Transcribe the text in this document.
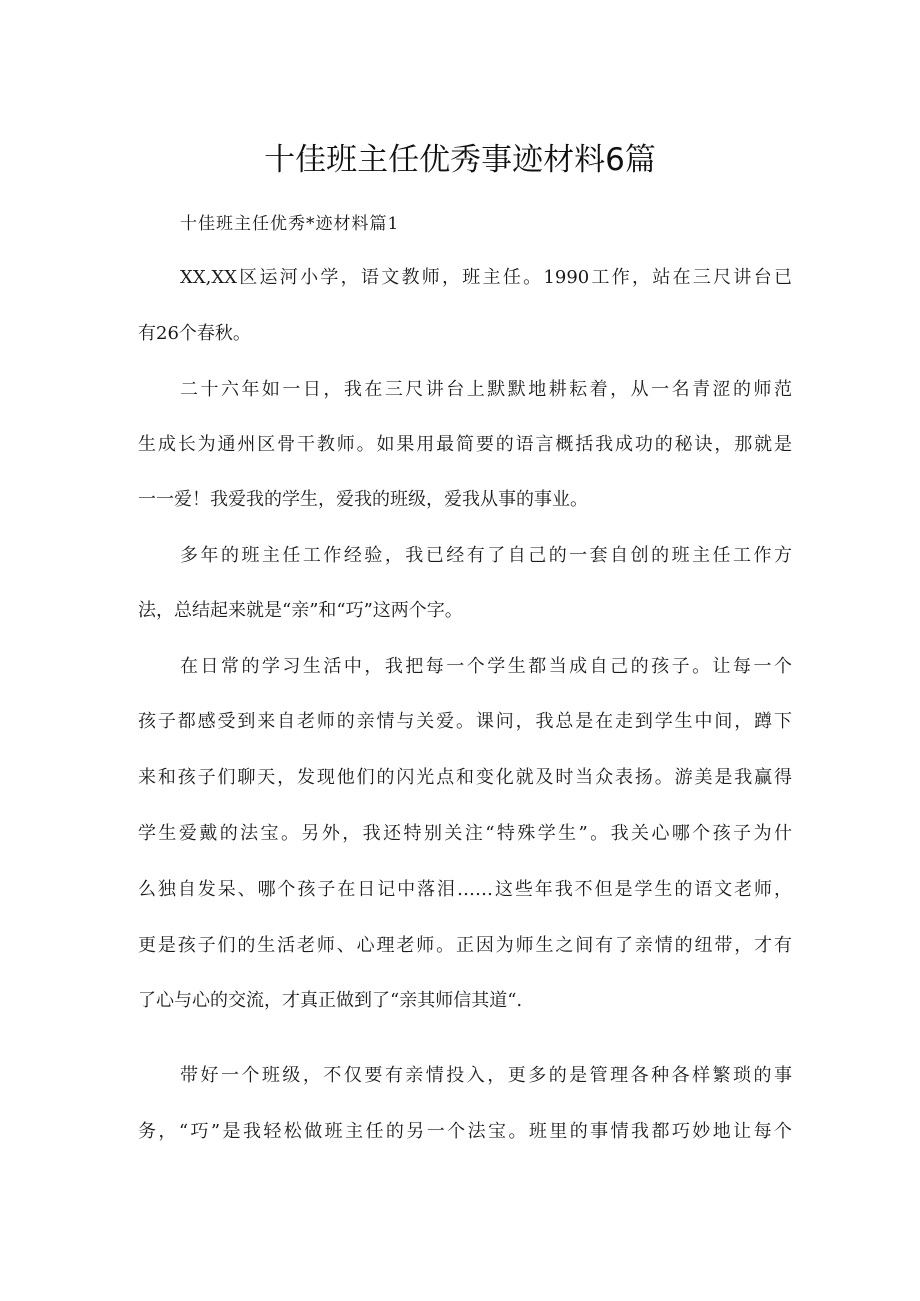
十佳班主任优秀事迹材料6篇
十佳班主任优秀*迹材料篇1

XX,XX区运河小学，语文教师，班主任。1990工作，站在三尺讲台已

有26个春秋。

二十六年如一日，我在三尺讲台上默默地耕耘着，从一名青涩的师范

生成长为通州区骨干教师。如果用最简要的语言概括我成功的秘诀，那就是

一一爱！我爱我的学生，爱我的班级，爱我从事的事业。

多年的班主任工作经验，我已经有了自己的一套自创的班主任工作方

法，总结起来就是“亲”和“巧”这两个字。

在日常的学习生活中，我把每一个学生都当成自己的孩子。让每一个

孩子都感受到来自老师的亲情与关爱。课问，我总是在走到学生中间，蹲下

来和孩子们聊天，发现他们的闪光点和变化就及时当众表扬。游美是我赢得

学生爱戴的法宝。另外，我还特别关注“特殊学生”。我关心哪个孩子为什

么独自发呆、哪个孩子在日记中落泪……这些年我不但是学生的语文老师，

更是孩子们的生活老师、心理老师。正因为师生之间有了亲情的纽带，才有

了心与心的交流，才真正做到了“亲其师信其道“.

带好一个班级，不仅要有亲情投入，更多的是管理各种各样繁琐的事

务，“巧”是我轻松做班主任的另一个法宝。班里的事情我都巧妙地让每个
